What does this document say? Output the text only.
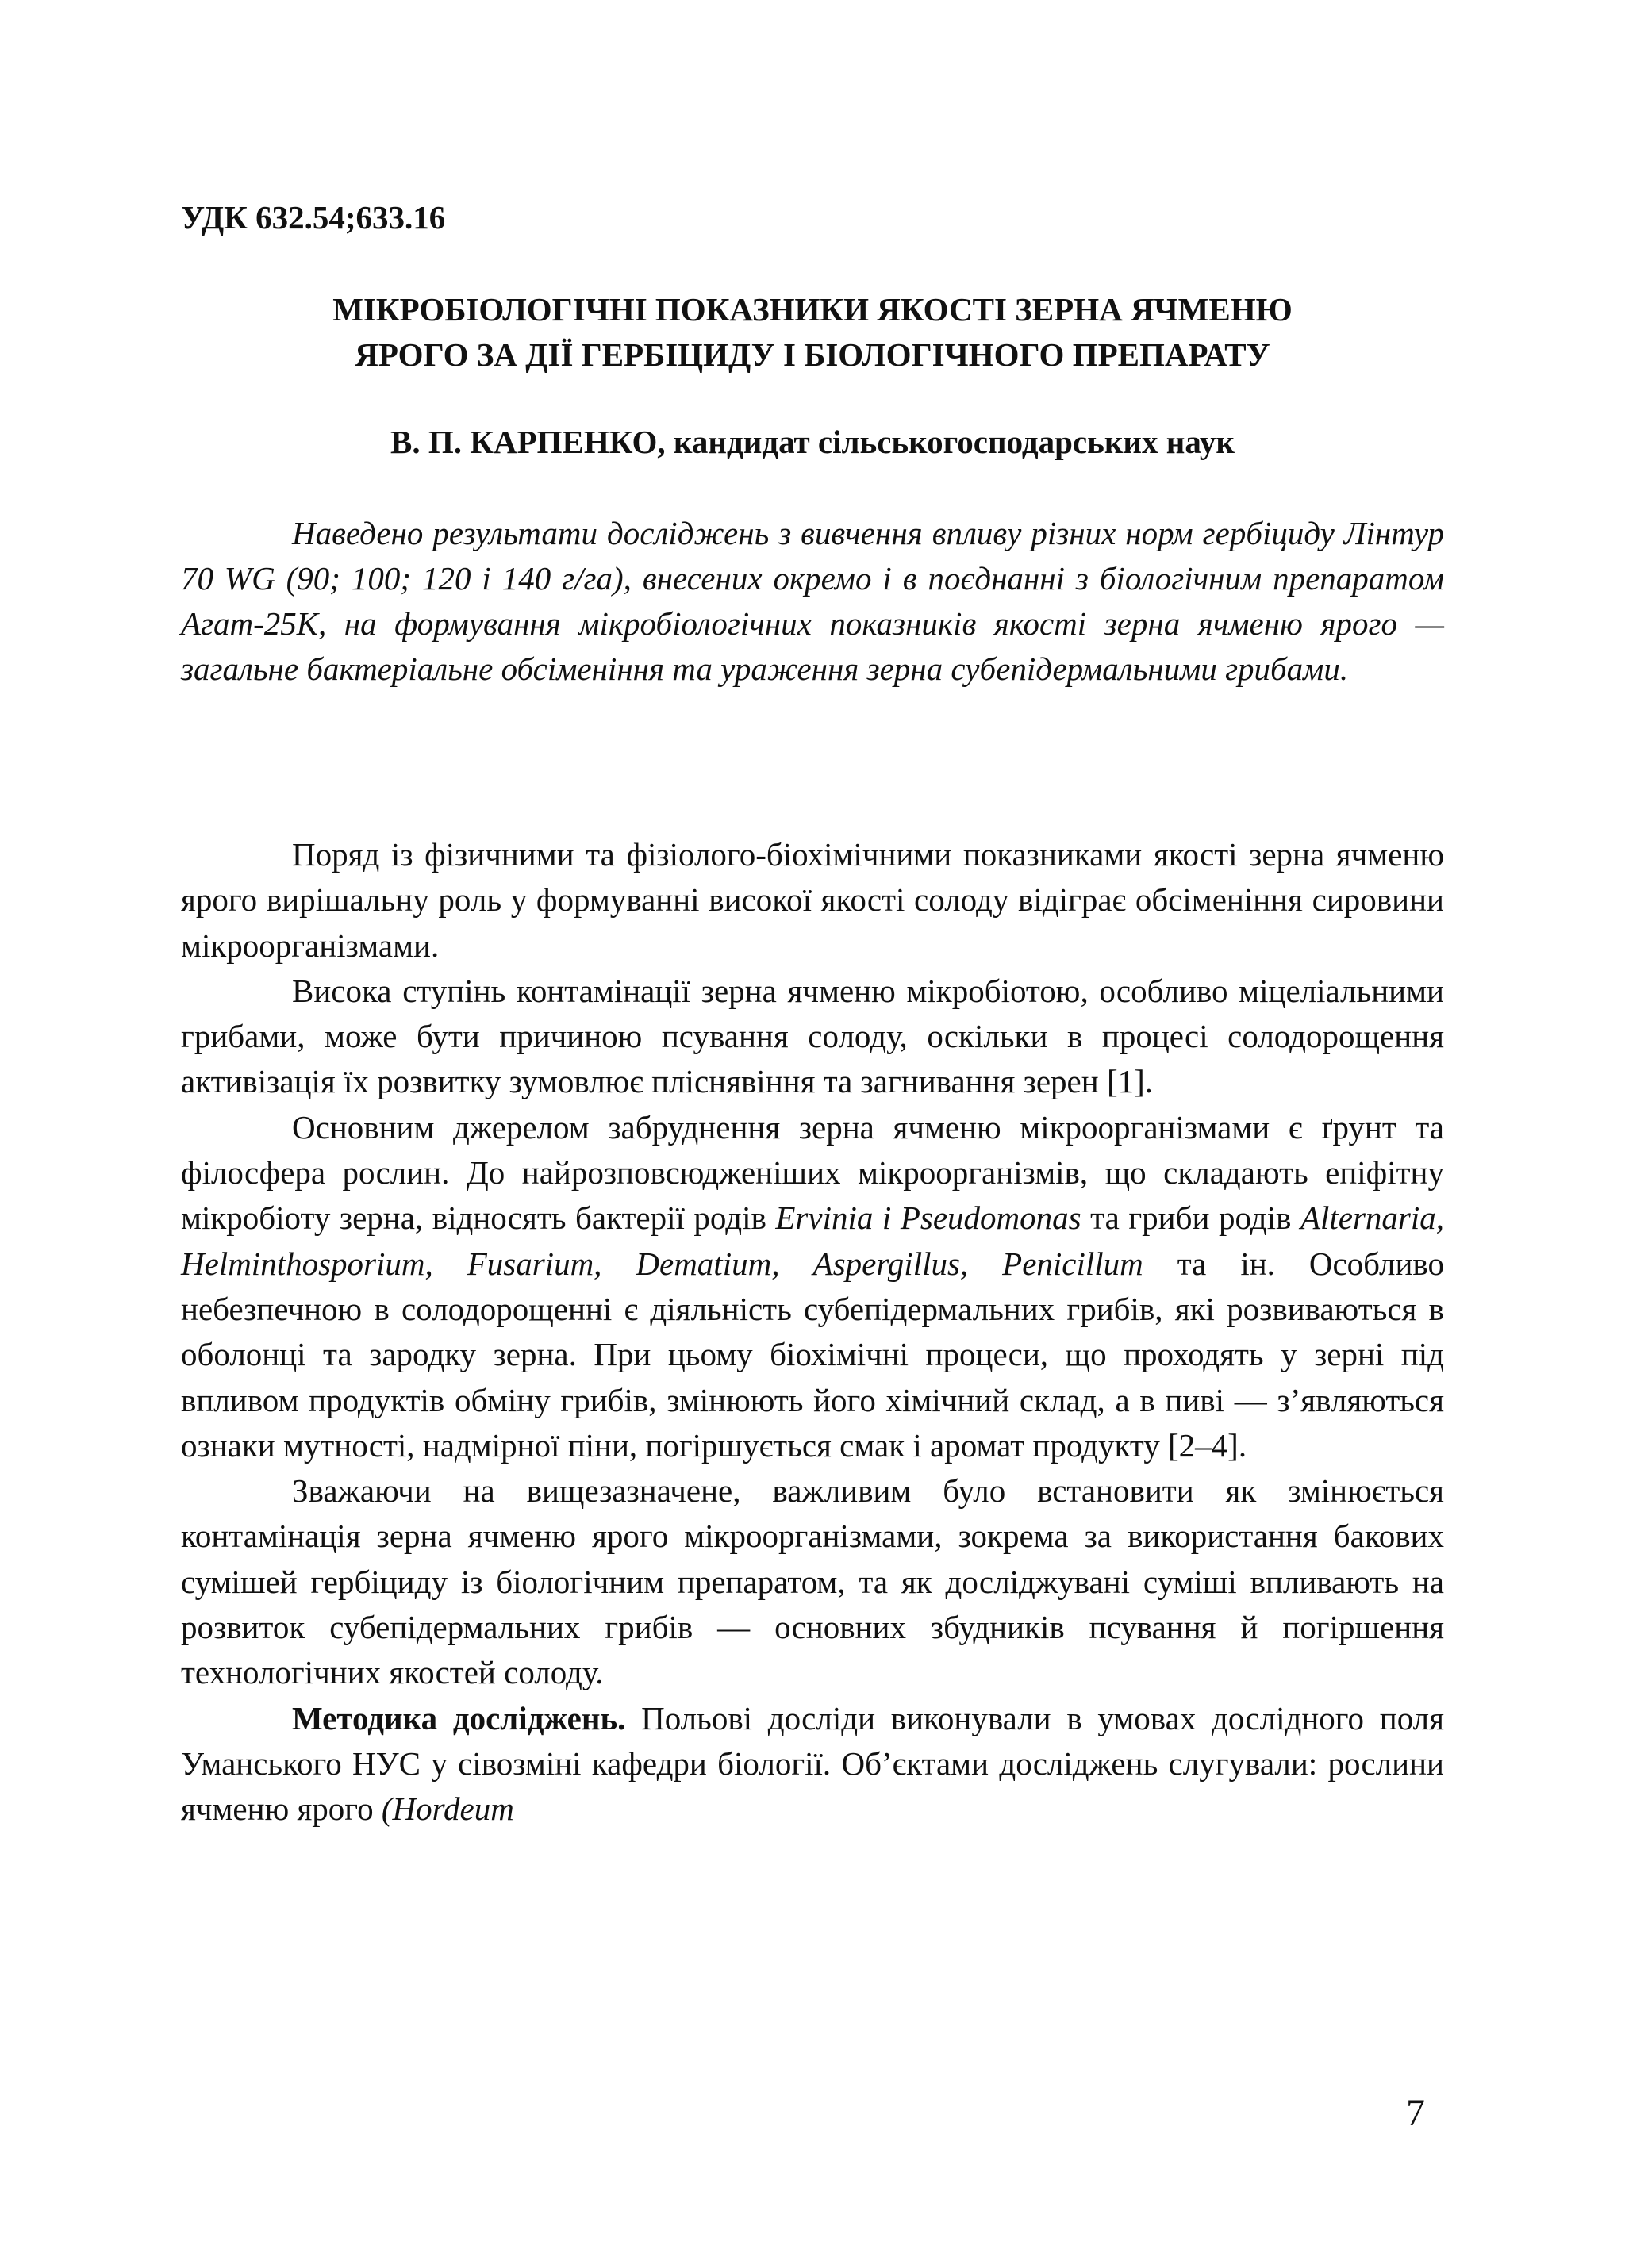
УДК 632.54;633.16

МІКРОБІОЛОГІЧНІ ПОКАЗНИКИ ЯКОСТІ ЗЕРНА ЯЧМЕНЮ
ЯРОГО ЗА ДІЇ ГЕРБІЦИДУ І БІОЛОГІЧНОГО ПРЕПАРАТУ

В. П. КАРПЕНКО, кандидат сільськогосподарських наук

Наведено результати досліджень з вивчення впливу різних норм гербіциду Лінтур 70 WG (90; 100; 120 і 140 г/га), внесених окремо і в поєднанні з біологічним препаратом Агат-25К, на формування мікробіологічних показників якості зерна ячменю ярого — загальне бактеріальне обсіменіння та ураження зерна субепідермальними грибами.

Поряд із фізичними та фізіолого-біохімічними показниками якості зерна ячменю ярого вирішальну роль у формуванні високої якості солоду відіграє обсіменіння сировини мікроорганізмами.

Висока ступінь контамінації зерна ячменю мікробіотою, особливо міцеліальними грибами, може бути причиною псування солоду, оскільки в процесі солодорощення активізація їх розвитку зумовлює пліснявіння та загнивання зерен [1].

Основним джерелом забруднення зерна ячменю мікроорганізмами є ґрунт та філосфера рослин. До найрозповсюдженіших мікроорганізмів, що складають епіфітну мікробіоту зерна, відносять бактерії родів Ervinia і Pseudomonas та гриби родів Alternaria, Helminthosporium, Fusarium, Dematium, Aspergillus, Penicillum та ін. Особливо небезпечною в солодорощенні є діяльність субепідермальних грибів, які розвиваються в оболонці та зародку зерна. При цьому біохімічні процеси, що проходять у зерні під впливом продуктів обміну грибів, змінюють його хімічний склад, а в пиві — з’являються ознаки мутності, надмірної піни, погіршується смак і аромат продукту [2–4].

Зважаючи на вищезазначене, важливим було встановити як змінюється контамінація зерна ячменю ярого мікроорганізмами, зокрема за використання бакових сумішей гербіциду із біологічним препаратом, та як досліджувані суміші впливають на розвиток субепідермальних грибів — основних збудників псування й погіршення технологічних якостей солоду.

Методика досліджень. Польові досліди виконували в умовах дослідного поля Уманського НУС у сівозміні кафедри біології. Об’єктами досліджень слугували: рослини ячменю ярого (Hordeum

7
